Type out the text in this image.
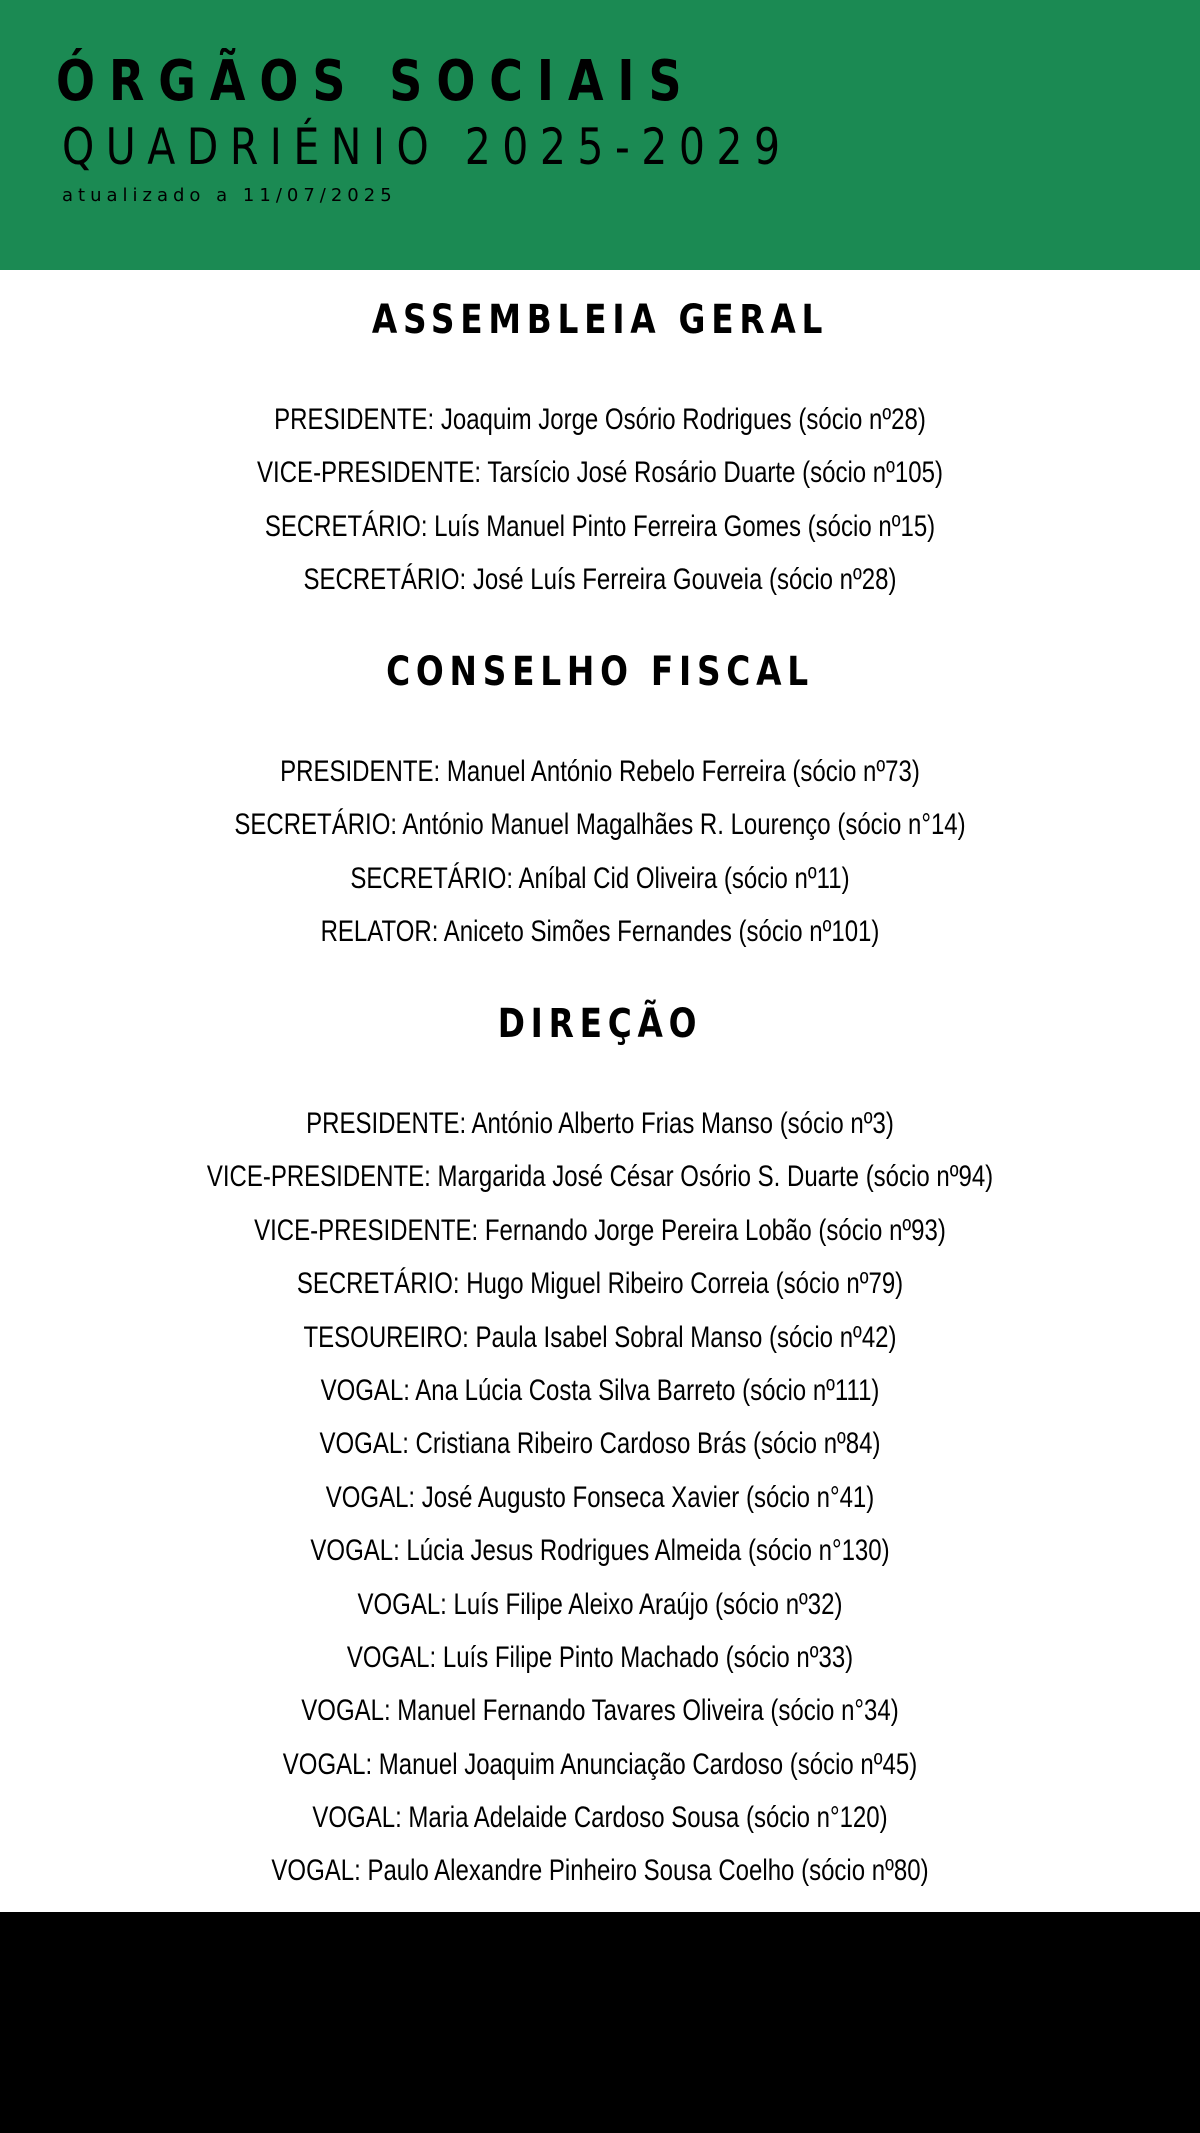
ÓRGÃOS SOCIAIS
QUADRIÉNIO 2025-2029

atualizado a 11/07/2025

ASSEMBLEIA GERAL
PRESIDENTE: Joaquim Jorge Osório Rodrigues (sócio nº28)
VICE-PRESIDENTE: Tarsício José Rosário Duarte (sócio nº105)
SECRETÁRIO: Luís Manuel Pinto Ferreira Gomes (sócio nº15)
SECRETÁRIO: José Luís Ferreira Gouveia (sócio nº28)
CONSELHO FISCAL
PRESIDENTE: Manuel António Rebelo Ferreira (sócio nº73)
SECRETÁRIO: António Manuel Magalhães R. Lourenço (sócio n°14)
SECRETÁRIO: Aníbal Cid Oliveira (sócio nº11)
RELATOR: Aniceto Simões Fernandes (sócio nº101)
DIREÇÃO
PRESIDENTE: António Alberto Frias Manso (sócio nº3)
VICE-PRESIDENTE: Margarida José César Osório S. Duarte (sócio nº94)
VICE-PRESIDENTE: Fernando Jorge Pereira Lobão (sócio nº93)
SECRETÁRIO: Hugo Miguel Ribeiro Correia (sócio nº79)
TESOUREIRO: Paula Isabel Sobral Manso (sócio nº42)
VOGAL: Ana Lúcia Costa Silva Barreto (sócio nº111)
VOGAL: Cristiana Ribeiro Cardoso Brás (sócio nº84)
VOGAL: José Augusto Fonseca Xavier (sócio n°41)
VOGAL: Lúcia Jesus Rodrigues Almeida (sócio n°130)
VOGAL: Luís Filipe Aleixo Araújo (sócio nº32)
VOGAL: Luís Filipe Pinto Machado (sócio nº33)
VOGAL: Manuel Fernando Tavares Oliveira (sócio n°34)
VOGAL: Manuel Joaquim Anunciação Cardoso (sócio nº45)
VOGAL: Maria Adelaide Cardoso Sousa (sócio n°120)
VOGAL: Paulo Alexandre Pinheiro Sousa Coelho (sócio nº80)
